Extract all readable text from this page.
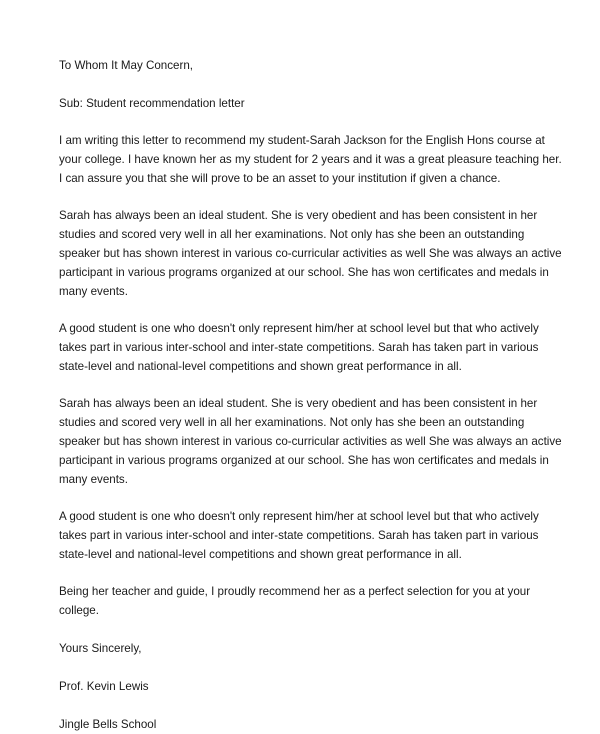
To Whom It May Concern,

Sub: Student recommendation letter

I am writing this letter to recommend my student-Sarah Jackson for the English Hons course at your college. I have known her as my student for 2 years and it was a great pleasure teaching her. I can assure you that she will prove to be an asset to your institution if given a chance.

Sarah has always been an ideal student. She is very obedient and has been consistent in her studies and scored very well in all her examinations. Not only has she been an outstanding speaker but has shown interest in various co-curricular activities as well She was always an active participant in various programs organized at our school. She has won certificates and medals in many events.

A good student is one who doesn't only represent him/her at school level but that who actively takes part in various inter-school and inter-state competitions. Sarah has taken part in various state-level and national-level competitions and shown great performance in all.

Sarah has always been an ideal student. She is very obedient and has been consistent in her studies and scored very well in all her examinations. Not only has she been an outstanding speaker but has shown interest in various co-curricular activities as well She was always an active participant in various programs organized at our school. She has won certificates and medals in many events.

A good student is one who doesn't only represent him/her at school level but that who actively takes part in various inter-school and inter-state competitions. Sarah has taken part in various state-level and national-level competitions and shown great performance in all.

Being her teacher and guide, I proudly recommend her as a perfect selection for you at your college.

Yours Sincerely,

Prof. Kevin Lewis

Jingle Bells School
